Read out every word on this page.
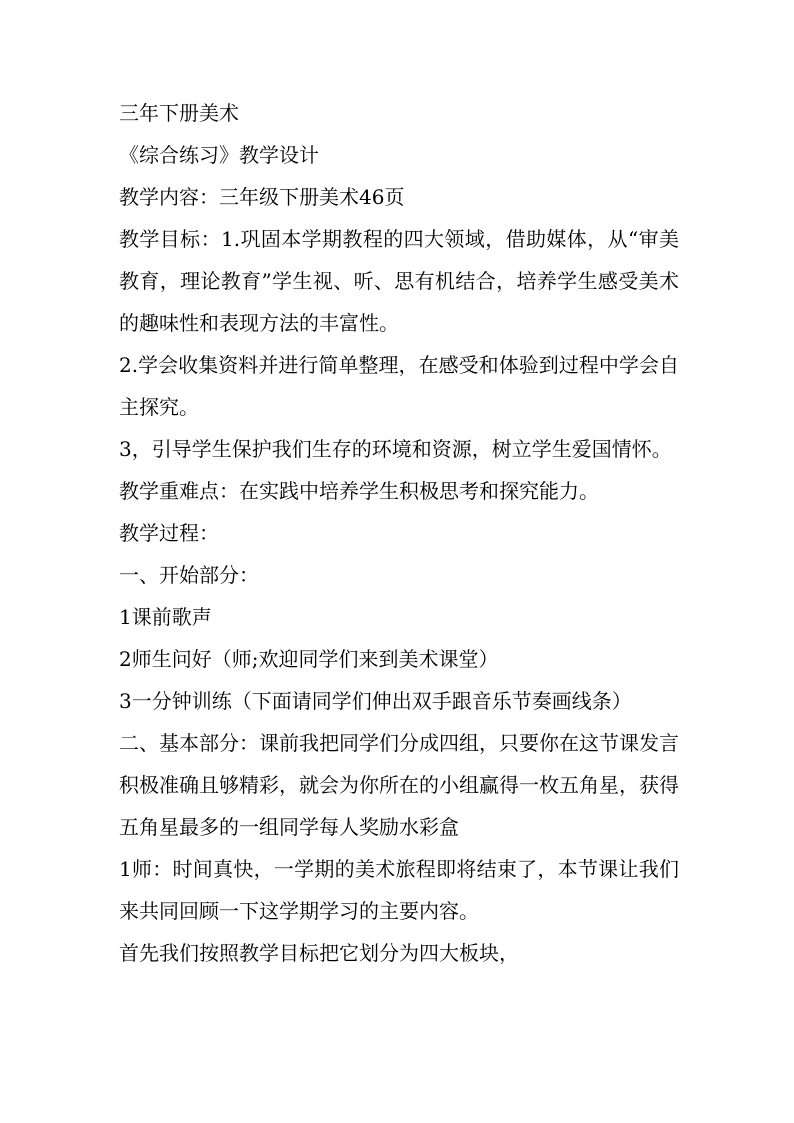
三年下册美术

《综合练习》教学设计

教学内容：三年级下册美术46页

教学目标：1.巩固本学期教程的四大领域，借助媒体，从“审美教育，理论教育”学生视、听、思有机结合，培养学生感受美术的趣味性和表现方法的丰富性。

2.学会收集资料并进行简单整理，在感受和体验到过程中学会自主探究。

3，引导学生保护我们生存的环境和资源，树立学生爱国情怀。

教学重难点：在实践中培养学生积极思考和探究能力。

教学过程：

一、开始部分：

1课前歌声

2师生问好（师;欢迎同学们来到美术课堂）

3一分钟训练（下面请同学们伸出双手跟音乐节奏画线条）

二、基本部分：课前我把同学们分成四组，只要你在这节课发言积极准确且够精彩，就会为你所在的小组赢得一枚五角星，获得五角星最多的一组同学每人奖励水彩盒

1师：时间真快，一学期的美术旅程即将结束了，本节课让我们来共同回顾一下这学期学习的主要内容。

首先我们按照教学目标把它划分为四大板块，
